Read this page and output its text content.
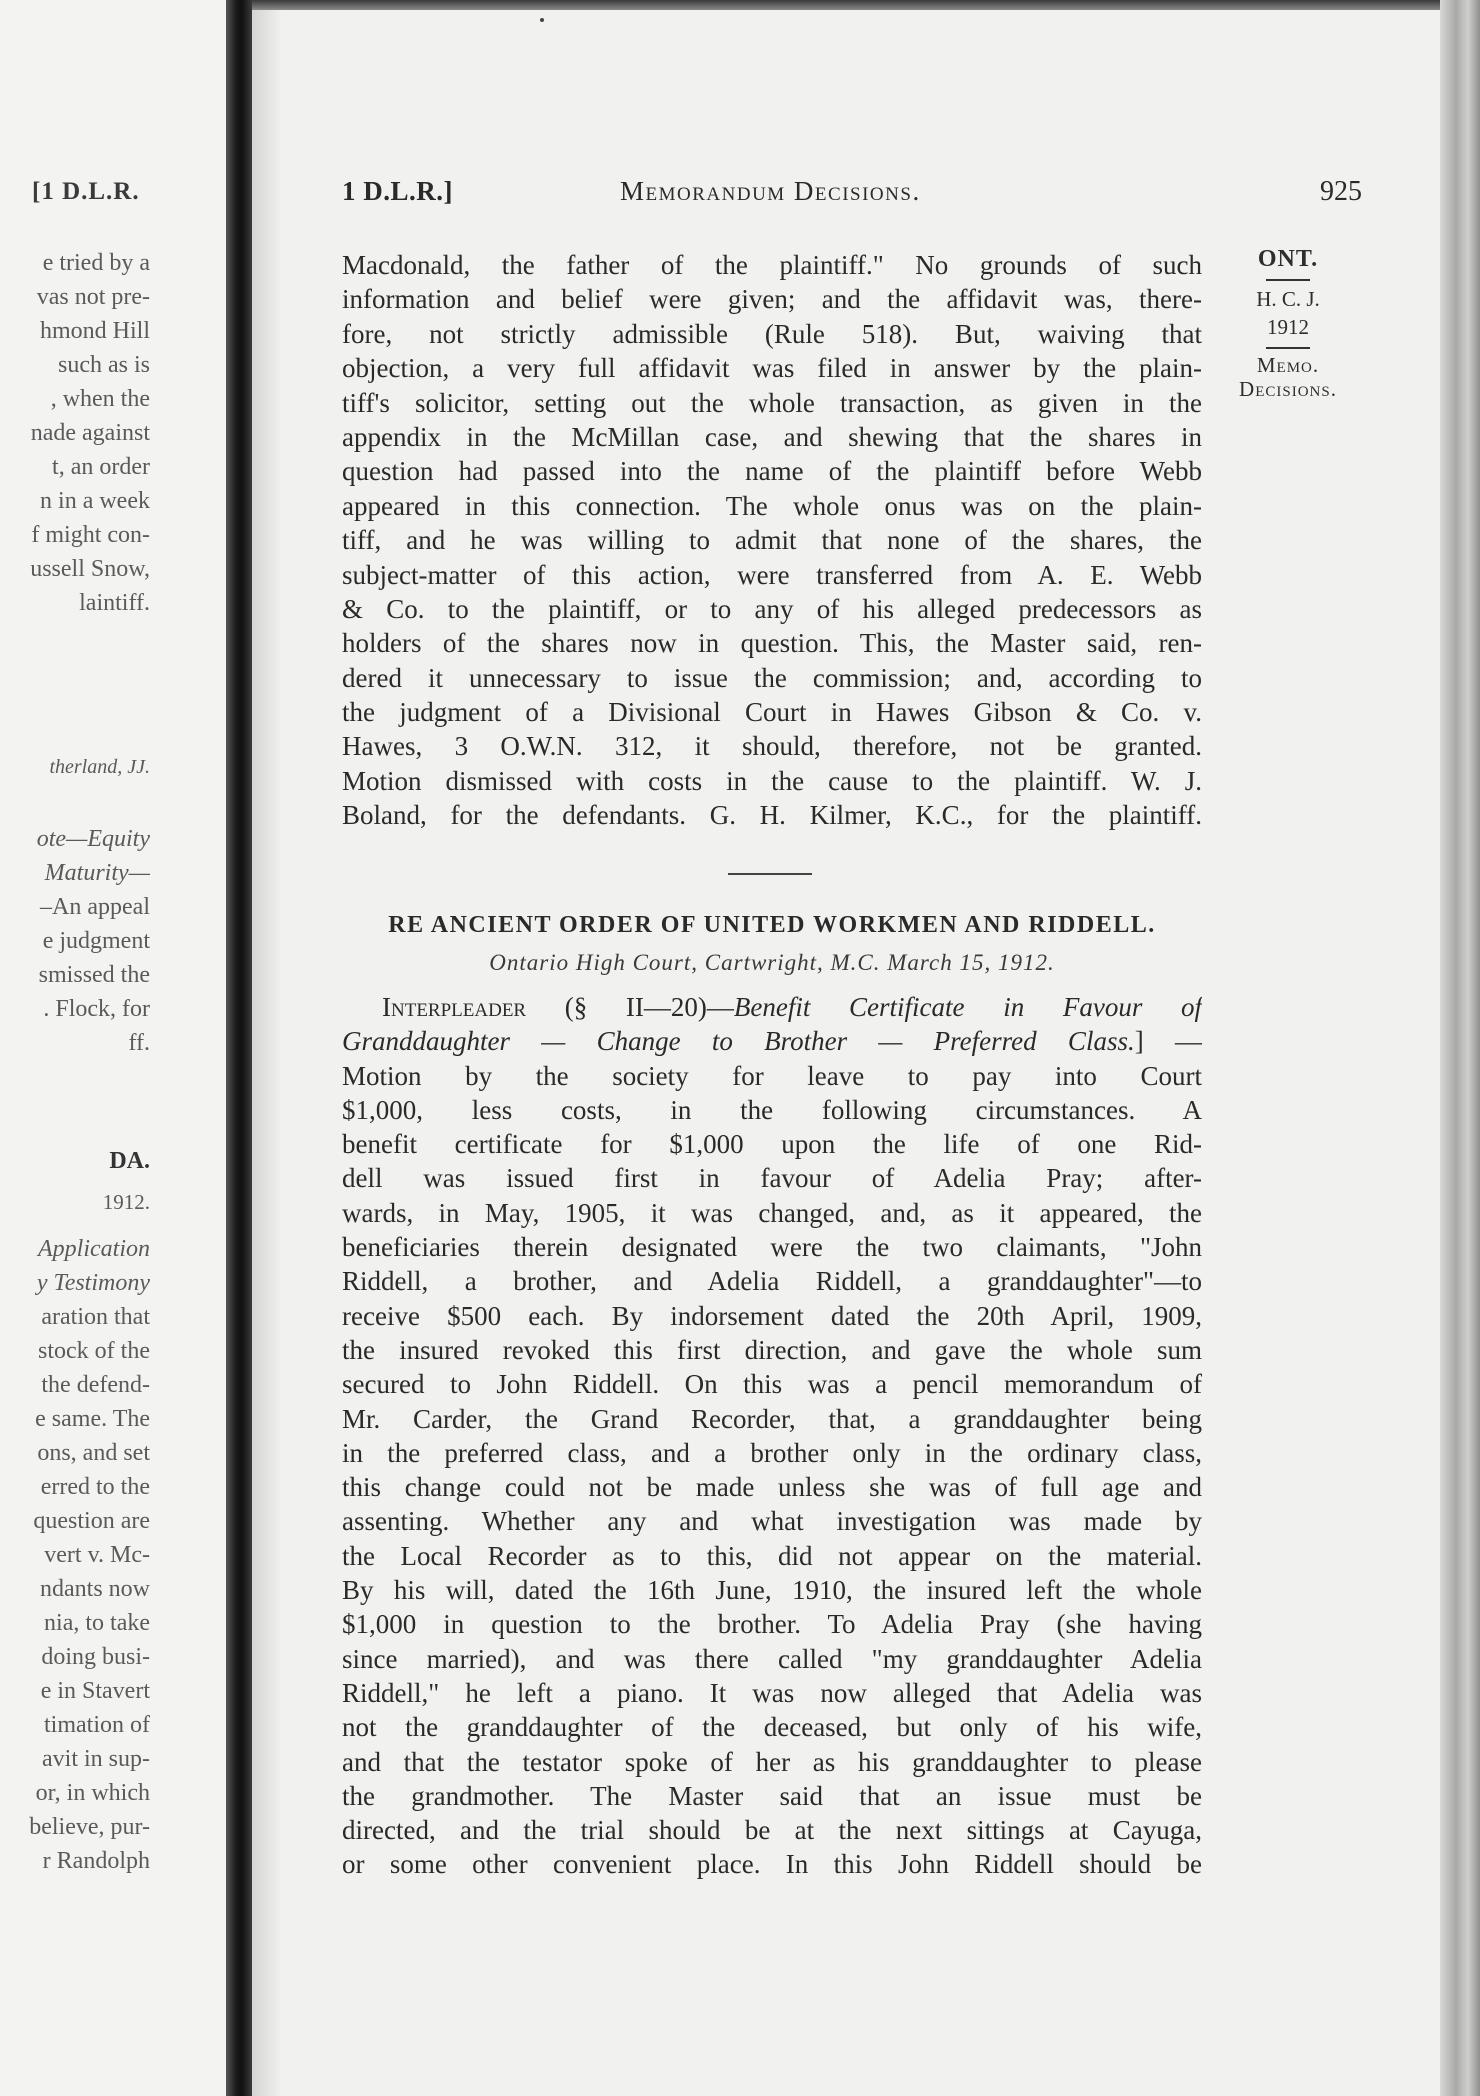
[1 D.L.R.
e tried by a
vas not pre-
hmond Hill
such as is
, when the
nade against
t, an order
n in a week
f might con-
ussell Snow,
laintiff.
therland, JJ.
ote—Equity
Maturity—
–An appeal
e judgment
smissed the
. Flock, for
ff.
DA.
1912.
Application
y Testimony
aration that
stock of the
the defend-
e same. The
ons, and set
erred to the
question are
vert v. Mc-
ndants now
nia, to take
doing busi-
e in Stavert
timation of
avit in sup-
or, in which
believe, pur-
r Randolph
1 D.L.R.]	Memorandum Decisions.	925
Macdonald, the father of the plaintiff." No grounds of such
information and belief were given; and the affidavit was, there-
fore, not strictly admissible (Rule 518). But, waiving that
objection, a very full affidavit was filed in answer by the plain-
tiff's solicitor, setting out the whole transaction, as given in the
appendix in the McMillan case, and shewing that the shares in
question had passed into the name of the plaintiff before Webb
appeared in this connection. The whole onus was on the plain-
tiff, and he was willing to admit that none of the shares, the
subject-matter of this action, were transferred from A. E. Webb
& Co. to the plaintiff, or to any of his alleged predecessors as
holders of the shares now in question. This, the Master said, ren-
dered it unnecessary to issue the commission; and, according to
the judgment of a Divisional Court in Hawes Gibson & Co. v.
Hawes, 3 O.W.N. 312, it should, therefore, not be granted.
Motion dismissed with costs in the cause to the plaintiff. W. J.
Boland, for the defendants. G. H. Kilmer, K.C., for the plaintiff.
ONT.
H. C. J.
1912
Memo.
Decisions.
RE ANCIENT ORDER OF UNITED WORKMEN AND RIDDELL.
Ontario High Court, Cartwright, M.C. March 15, 1912.
Interpleader (§ II—20)—Benefit Certificate in Favour of
Granddaughter — Change to Brother — Preferred Class.] —
Motion by the society for leave to pay into Court
$1,000, less costs, in the following circumstances. A
benefit certificate for $1,000 upon the life of one Rid-
dell was issued first in favour of Adelia Pray; after-
wards, in May, 1905, it was changed, and, as it appeared, the
beneficiaries therein designated were the two claimants, "John
Riddell, a brother, and Adelia Riddell, a granddaughter"—to
receive $500 each. By indorsement dated the 20th April, 1909,
the insured revoked this first direction, and gave the whole sum
secured to John Riddell. On this was a pencil memorandum of
Mr. Carder, the Grand Recorder, that, a granddaughter being
in the preferred class, and a brother only in the ordinary class,
this change could not be made unless she was of full age and
assenting. Whether any and what investigation was made by
the Local Recorder as to this, did not appear on the material.
By his will, dated the 16th June, 1910, the insured left the whole
$1,000 in question to the brother. To Adelia Pray (she having
since married), and was there called "my granddaughter Adelia
Riddell," he left a piano. It was now alleged that Adelia was
not the granddaughter of the deceased, but only of his wife,
and that the testator spoke of her as his granddaughter to please
the grandmother. The Master said that an issue must be
directed, and the trial should be at the next sittings at Cayuga,
or some other convenient place. In this John Riddell should be
